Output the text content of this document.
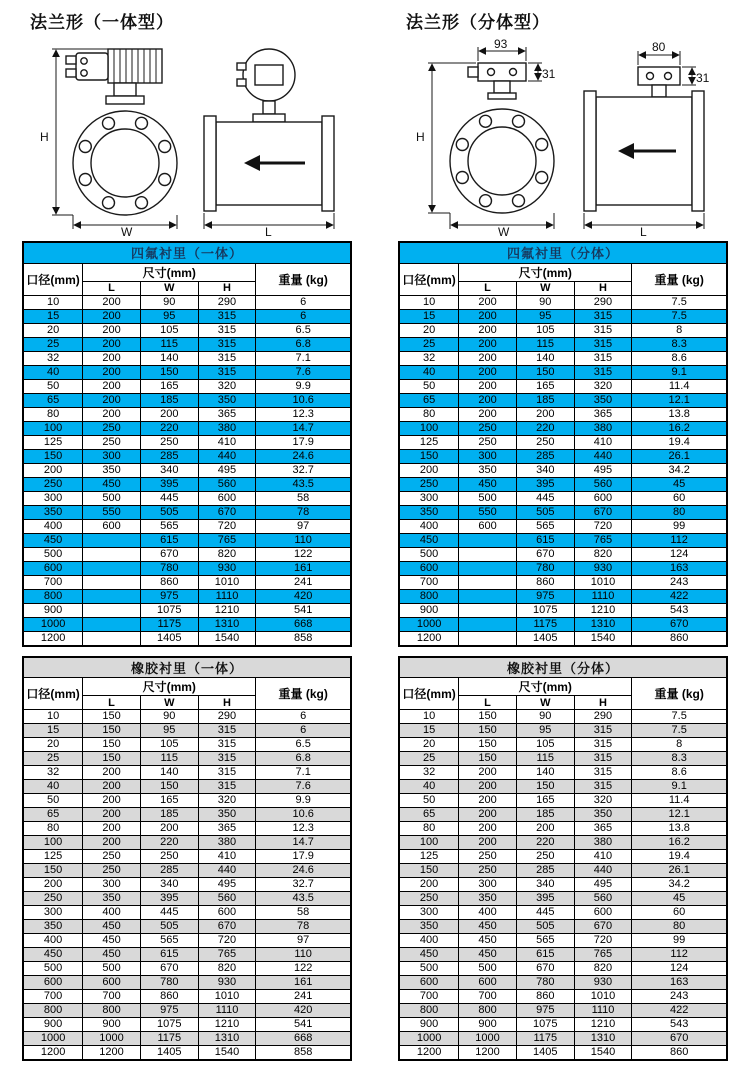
法兰形（一体型）
H
W	L
四氟衬里（一体）				
口径(mm)	尺寸(mm)			重量 (kg)
	L	W	H	
10	200	90	290	6
15	200	95	315	6
20	200	105	315	6.5
25	200	115	315	6.8
32	200	140	315	7.1
40	200	150	315	7.6
50	200	165	320	9.9
65	200	185	350	10.6
80	200	200	365	12.3
100	250	220	380	14.7
125	250	250	410	17.9
150	300	285	440	24.6
200	350	340	495	32.7
250	450	395	560	43.5
300	500	445	600	58
350	550	505	670	78
400	600	565	720	97
450		615	765	110
500		670	820	122
600		780	930	161
700		860	1010	241
800		975	1110	420
900		1075	1210	541
1000		1175	1310	668
1200		1405	1540	858
橡胶衬里（一体）				
口径(mm)	尺寸(mm)			重量 (kg)
	L	W	H	
10	150	90	290	6
15	150	95	315	6
20	150	105	315	6.5
25	150	115	315	6.8
32	200	140	315	7.1
40	200	150	315	7.6
50	200	165	320	9.9
65	200	185	350	10.6
80	200	200	365	12.3
100	200	220	380	14.7
125	250	250	410	17.9
150	250	285	440	24.6
200	300	340	495	32.7
250	350	395	560	43.5
300	400	445	600	58
350	450	505	670	78
400	450	565	720	97
450	450	615	765	110
500	500	670	820	122
600	600	780	930	161
700	700	860	1010	241
800	800	975	1110	420
900	900	1075	1210	541
1000	1000	1175	1310	668
1200	1200	1405	1540	858
法兰形（分体型）
93
31
H
W
80
31
L
四氟衬里（分体）				
口径(mm)	尺寸(mm)			重量 (kg)
	L	W	H	
10	200	90	290	7.5
15	200	95	315	7.5
20	200	105	315	8
25	200	115	315	8.3
32	200	140	315	8.6
40	200	150	315	9.1
50	200	165	320	11.4
65	200	185	350	12.1
80	200	200	365	13.8
100	250	220	380	16.2
125	250	250	410	19.4
150	300	285	440	26.1
200	350	340	495	34.2
250	450	395	560	45
300	500	445	600	60
350	550	505	670	80
400	600	565	720	99
450		615	765	112
500		670	820	124
600		780	930	163
700		860	1010	243
800		975	1110	422
900		1075	1210	543
1000		1175	1310	670
1200		1405	1540	860
橡胶衬里（分体）				
口径(mm)	尺寸(mm)			重量 (kg)
	L	W	H	
10	150	90	290	7.5
15	150	95	315	7.5
20	150	105	315	8
25	150	115	315	8.3
32	200	140	315	8.6
40	200	150	315	9.1
50	200	165	320	11.4
65	200	185	350	12.1
80	200	200	365	13.8
100	200	220	380	16.2
125	250	250	410	19.4
150	250	285	440	26.1
200	300	340	495	34.2
250	350	395	560	45
300	400	445	600	60
350	450	505	670	80
400	450	565	720	99
450	450	615	765	112
500	500	670	820	124
600	600	780	930	163
700	700	860	1010	243
800	800	975	1110	422
900	900	1075	1210	543
1000	1000	1175	1310	670
1200	1200	1405	1540	860
